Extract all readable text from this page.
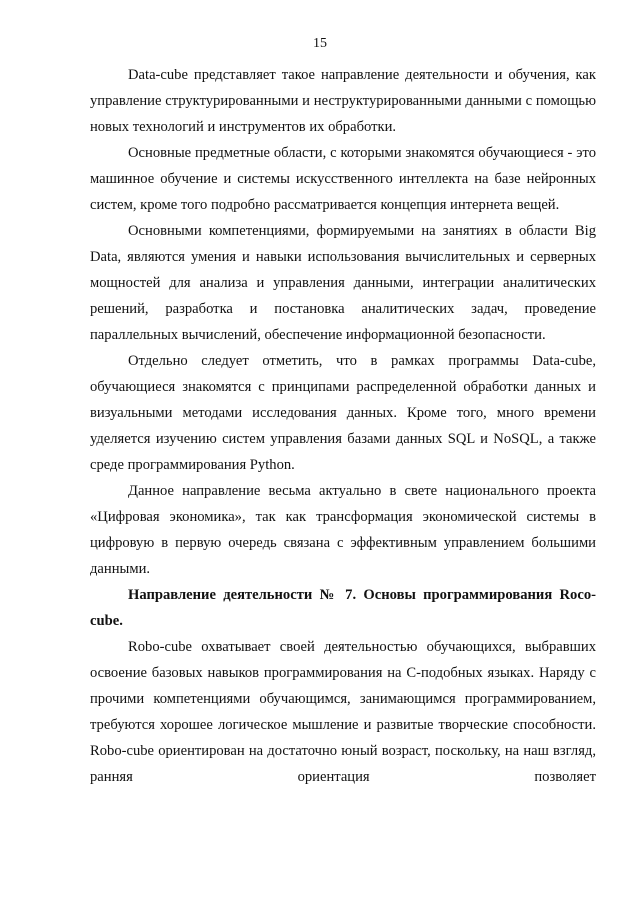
15

Data-cube представляет такое направление деятельности и обучения, как управление структурированными и неструктурированными данными с помощью новых технологий и инструментов их обработки.

Основные предметные области, с которыми знакомятся обучающиеся - это машинное обучение и системы искусственного интеллекта на базе нейронных систем, кроме того подробно рассматривается концепция интернета вещей.

Основными компетенциями, формируемыми на занятиях в области Big Data, являются умения и навыки использования вычислительных и серверных мощностей для анализа и управления данными, интеграции аналитических решений, разработка и постановка аналитических задач, проведение параллельных вычислений, обеспечение информационной безопасности.

Отдельно следует отметить, что в рамках программы Data-cube, обучающиеся знакомятся с принципами распределенной обработки данных и визуальными методами исследования данных. Кроме того, много времени уделяется изучению систем управления базами данных SQL и NoSQL, а также среде программирования Python.

Данное направление весьма актуально в свете национального проекта «Цифровая экономика», так как трансформация экономической системы в цифровую в первую очередь связана с эффективным управлением большими данными.

Направление деятельности № 7. Основы программирования Roco-cube.

Robo-cube охватывает своей деятельностью обучающихся, выбравших освоение базовых навыков программирования на С-подобных языках. Наряду с прочими компетенциями обучающимся, занимающимся программированием, требуются хорошее логическое мышление и развитые творческие способности. Robo-cube ориентирован на достаточно юный возраст, поскольку, на наш взгляд, ранняя ориентация позволяет
